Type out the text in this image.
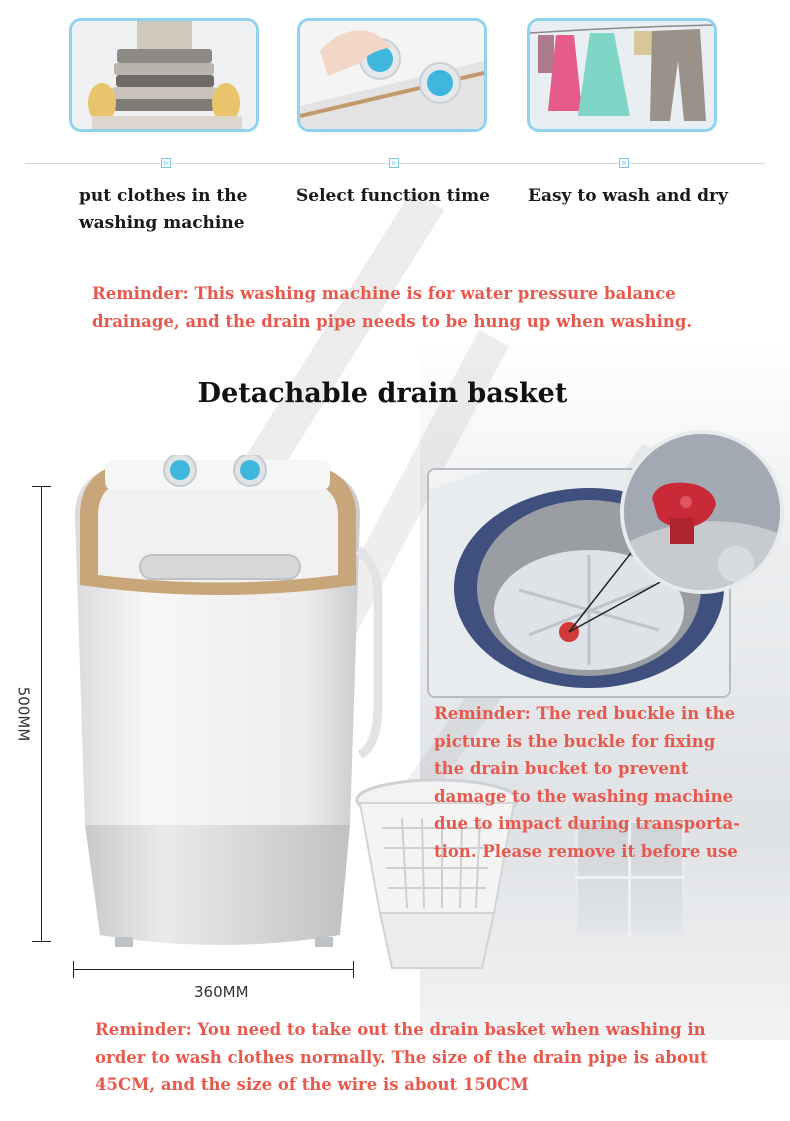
⊳	⊳	⊳
put clothes in the
washing machine
Select function time Easy to wash and dry
Reminder: This washing machine is for water pressure balance
drainage, and the drain pipe needs to be hung up when washing.
Detachable drain basket
500MM
360MM
Reminder: The red buckle in the
picture is the buckle for fixing
the drain bucket to prevent
damage to the washing machine
due to impact during transporta-
tion. Please remove it before use
Reminder: You need to take out the drain basket when washing in
order to wash clothes normally. The size of the drain pipe is about
45CM, and the size of the wire is about 150CM
